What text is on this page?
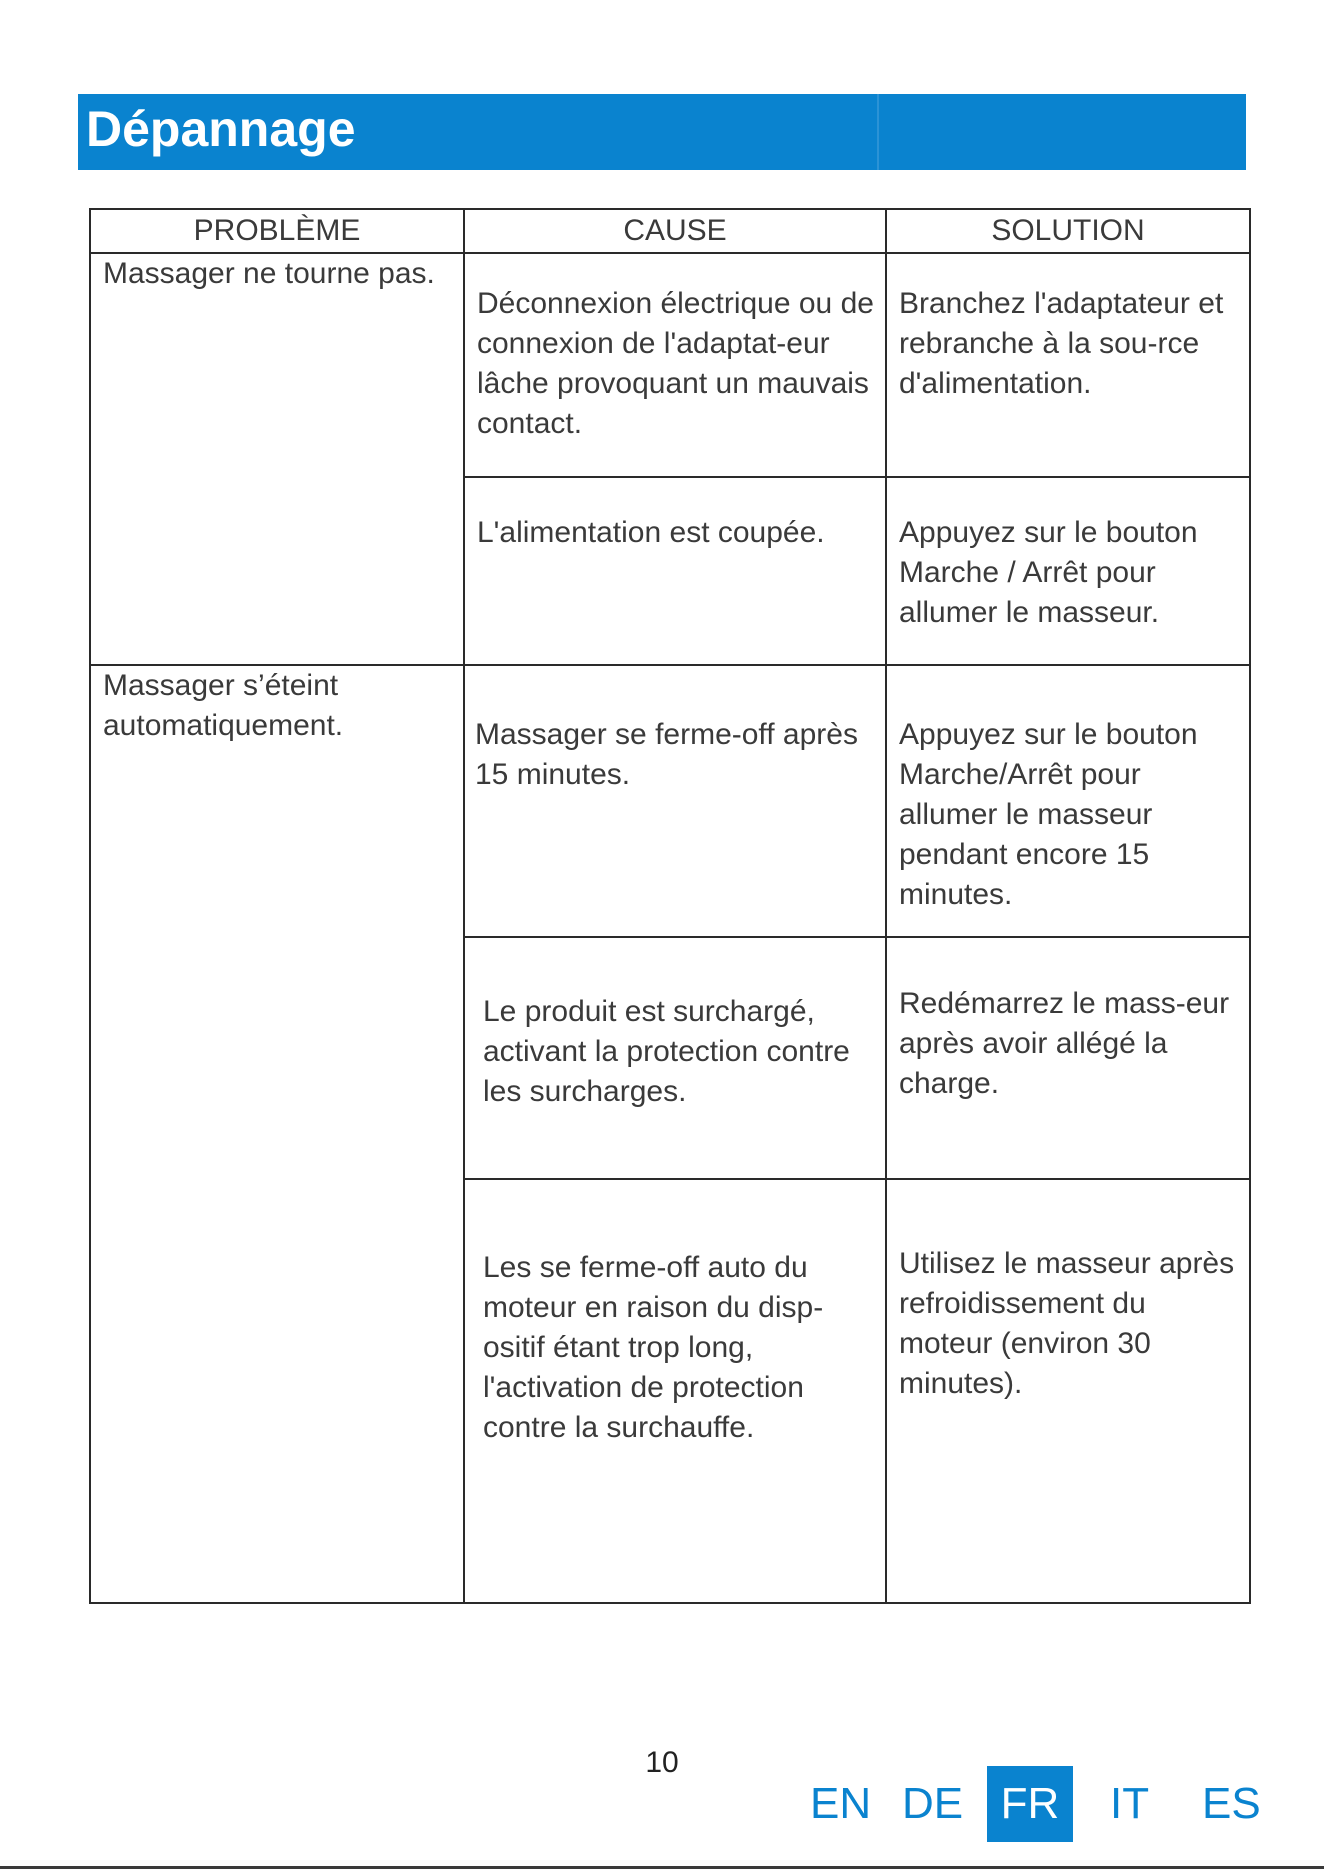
Dépannage
PROBLÈME	CAUSE	SOLUTION
Massager ne tourne pas.	Déconnexion électrique ou de connexion de l'adaptat-eur lâche provoquant un mauvais contact.	Branchez l'adaptateur et rebranche à la sou-rce d'alimentation.
	L'alimentation est coupée.	Appuyez sur le bouton Marche / Arrêt pour allumer le masseur.
Massager s’éteint automatiquement.	Massager se ferme-off après 15 minutes.	Appuyez sur le bouton Marche/Arrêt pour allumer le masseur pendant encore 15 minutes.
	Le produit est surchargé, activant la protection contre les surcharges.	Redémarrez le mass-eur après avoir allégé la charge.
	Les se ferme-off auto du moteur en raison du disp-ositif étant trop long, l'activation de protection contre la surchauffe.	Utilisez le masseur après refroidissement du moteur (environ 30 minutes).
10
EN DE FR	IT	ES
